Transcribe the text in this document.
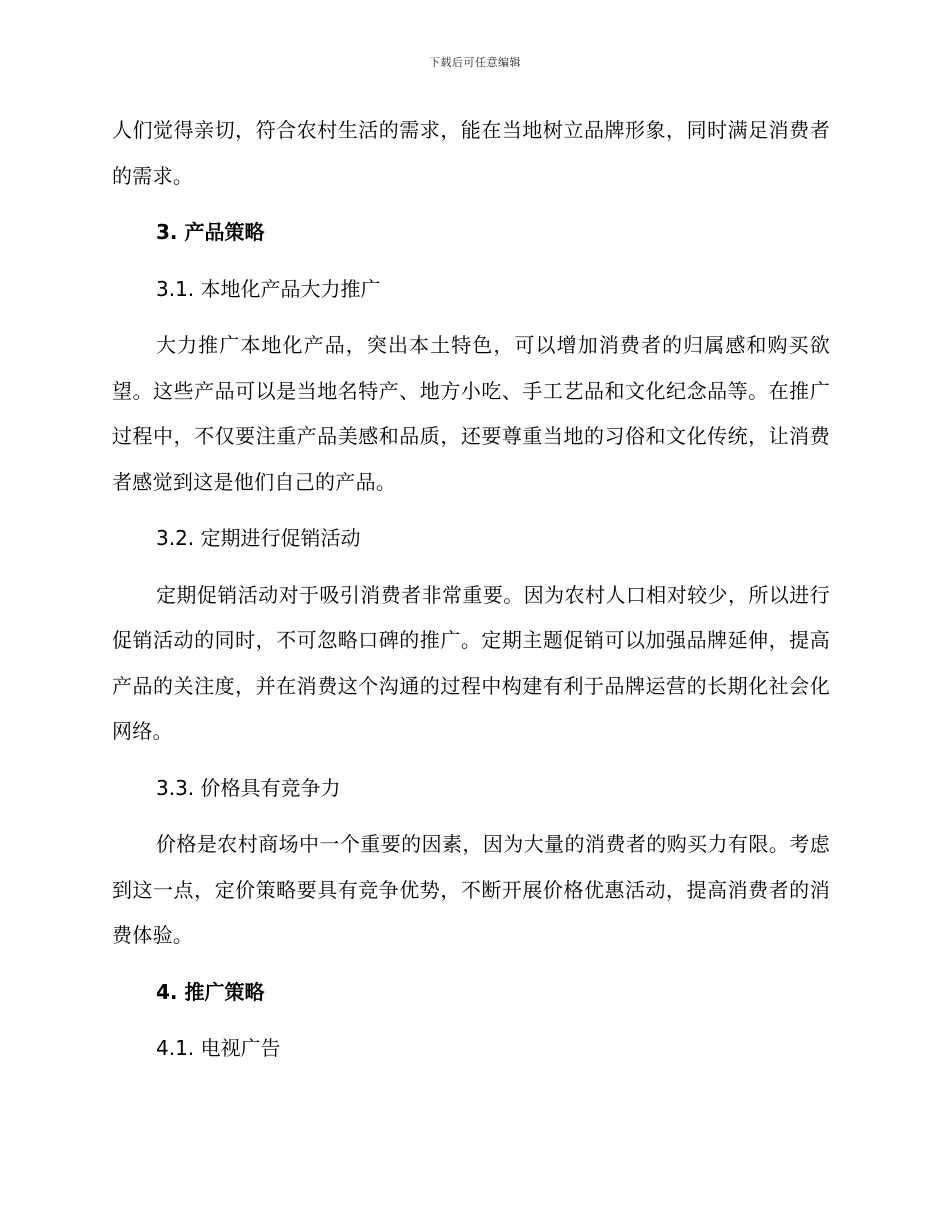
下载后可任意编辑

人们觉得亲切，符合农村生活的需求，能在当地树立品牌形象，同时满足消费者的需求。

3. 产品策略

3.1. 本地化产品大力推广

大力推广本地化产品，突出本土特色，可以增加消费者的归属感和购买欲望。这些产品可以是当地名特产、地方小吃、手工艺品和文化纪念品等。在推广过程中，不仅要注重产品美感和品质，还要尊重当地的习俗和文化传统，让消费者感觉到这是他们自己的产品。

3.2. 定期进行促销活动

定期促销活动对于吸引消费者非常重要。因为农村人口相对较少，所以进行促销活动的同时，不可忽略口碑的推广。定期主题促销可以加强品牌延伸，提高产品的关注度，并在消费这个沟通的过程中构建有利于品牌运营的长期化社会化网络。

3.3. 价格具有竞争力

价格是农村商场中一个重要的因素，因为大量的消费者的购买力有限。考虑到这一点，定价策略要具有竞争优势，不断开展价格优惠活动，提高消费者的消费体验。

4. 推广策略

4.1. 电视广告
